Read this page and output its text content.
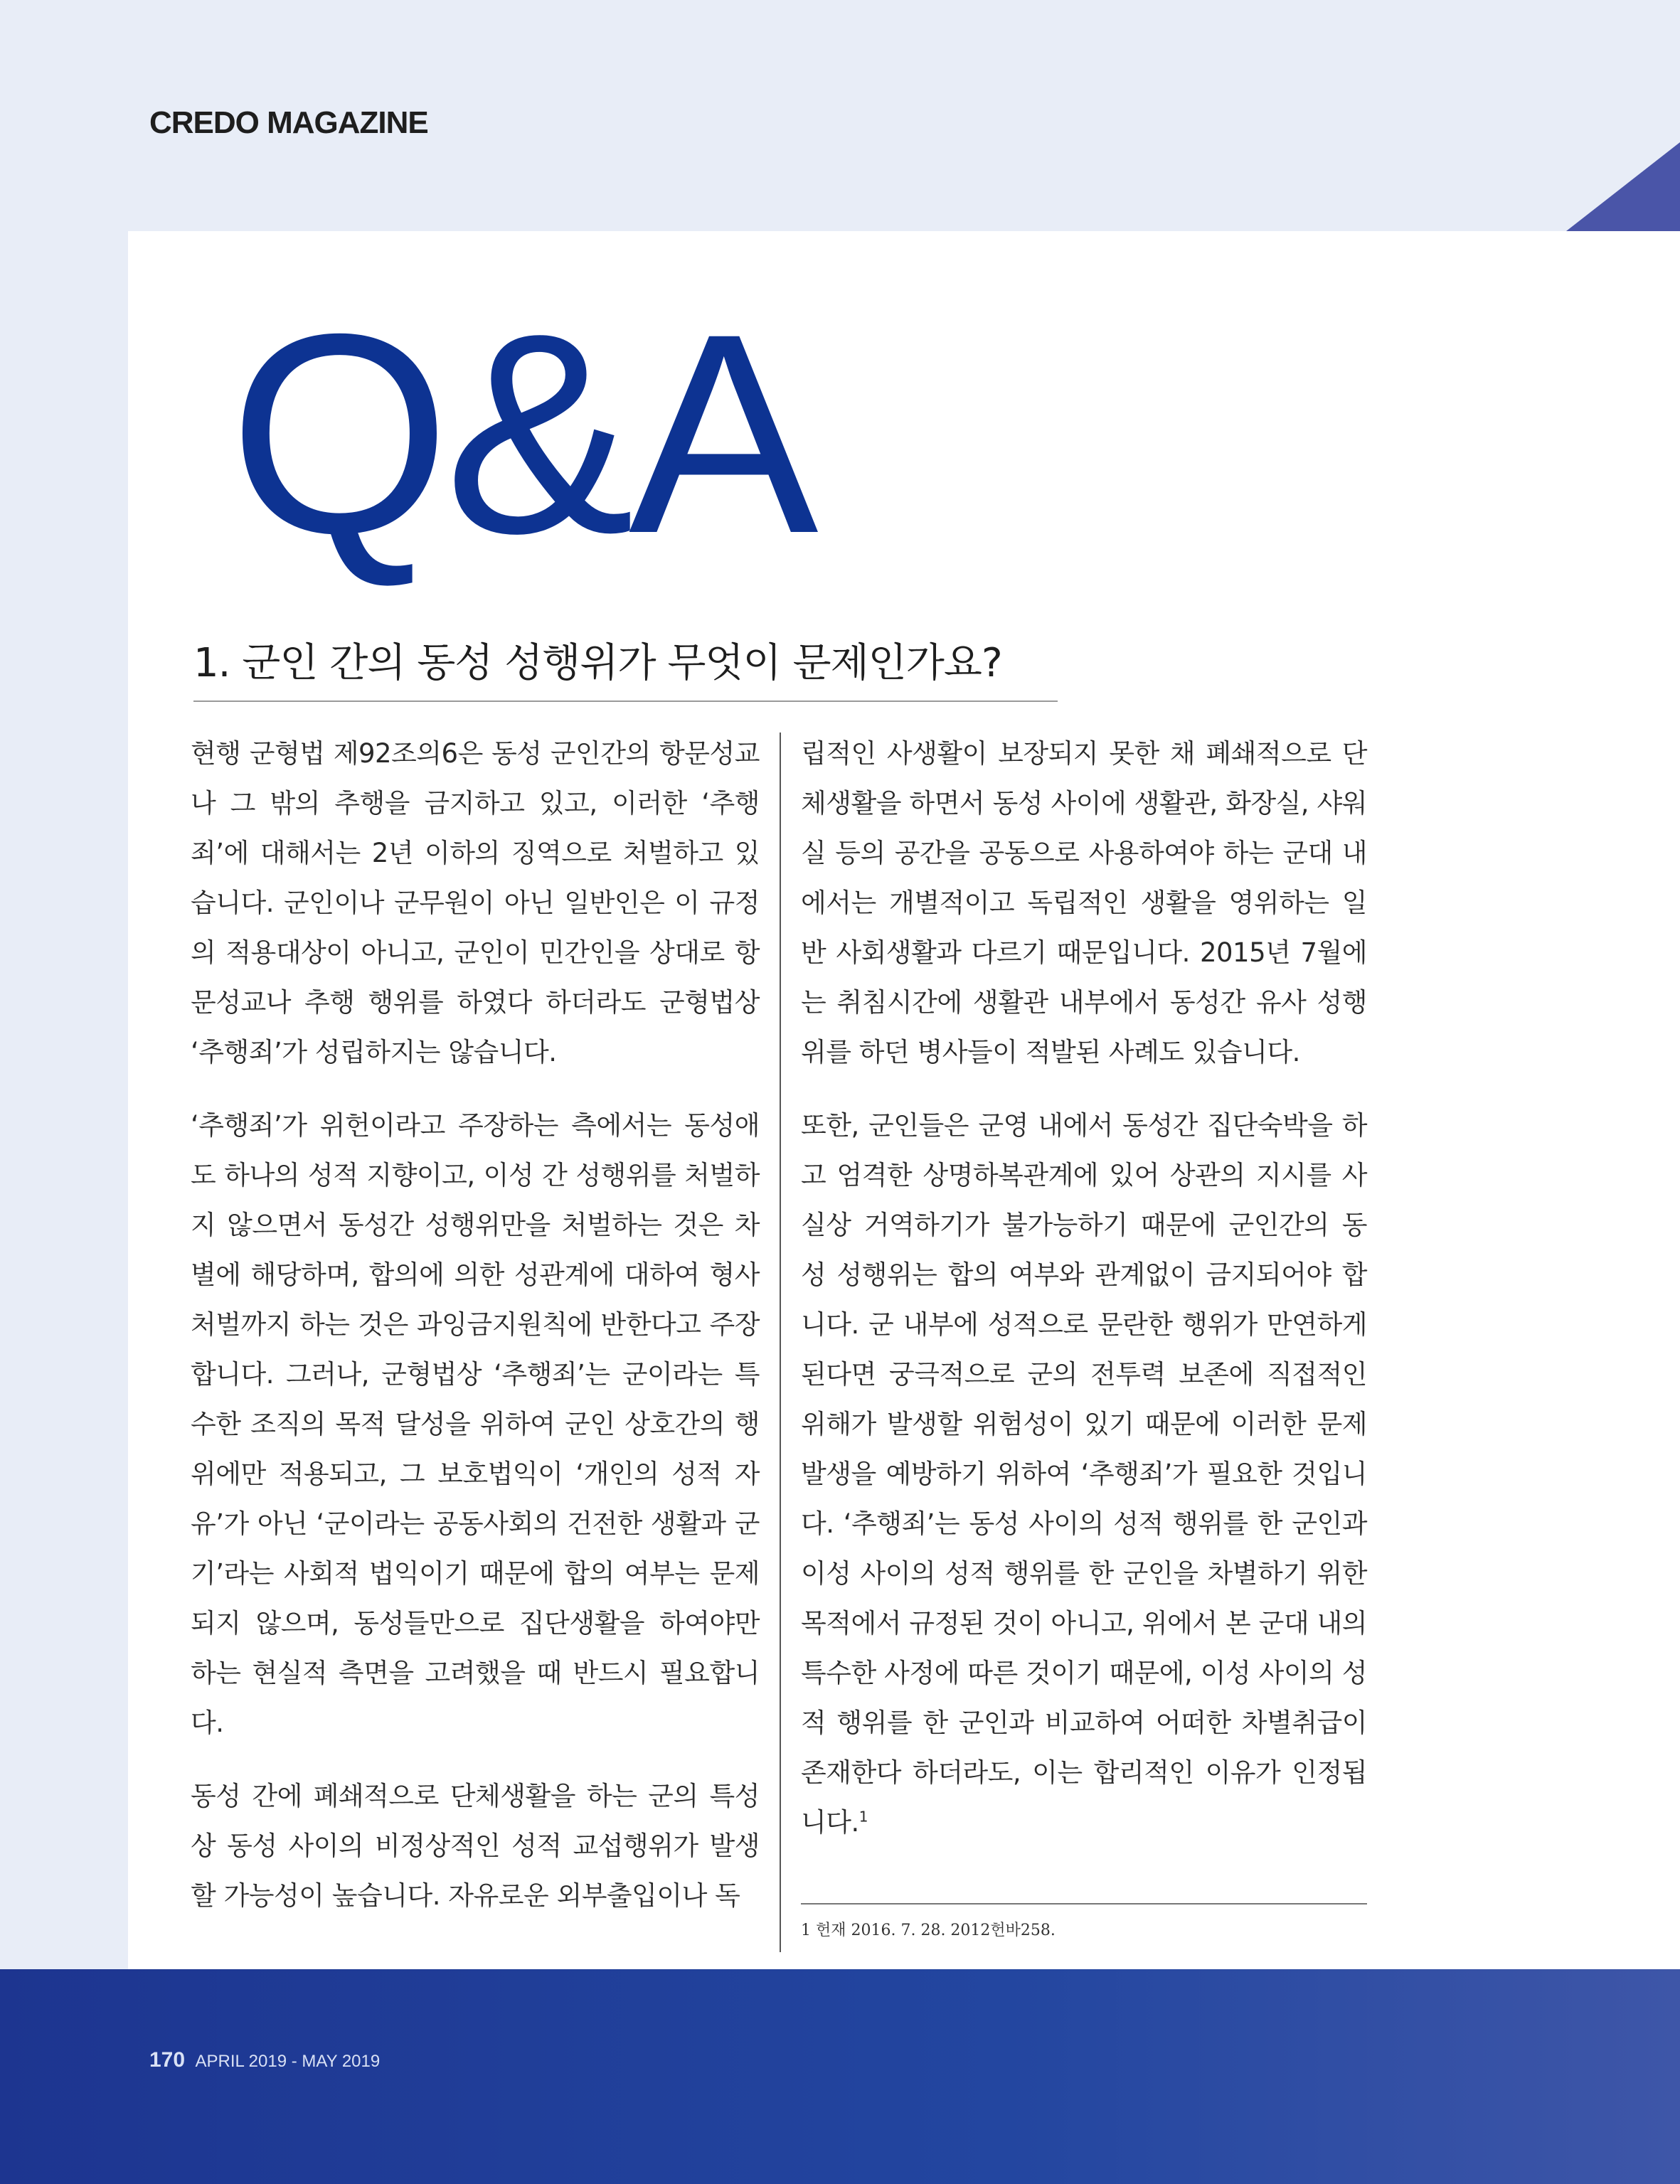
CREDO MAGAZINE
Q&A
1. 군인 간의 동성 성행위가 무엇이 문제인가요?

현행 군형법 제92조의6은 동성 군인간의 항문성교나 그 밖의 추행을 금지하고 있고, 이러한 ‘추행죄’에 대해서는 2년 이하의 징역으로 처벌하고 있습니다. 군인이나 군무원이 아닌 일반인은 이 규정의 적용대상이 아니고, 군인이 민간인을 상대로 항문성교나 추행 행위를 하였다 하더라도 군형법상 ‘추행죄’가 성립하지는 않습니다.

‘추행죄’가 위헌이라고 주장하는 측에서는 동성애도 하나의 성적 지향이고, 이성 간 성행위를 처벌하지 않으면서 동성간 성행위만을 처벌하는 것은 차별에 해당하며, 합의에 의한 성관계에 대하여 형사처벌까지 하는 것은 과잉금지원칙에 반한다고 주장합니다. 그러나, 군형법상 ‘추행죄’는 군이라는 특수한 조직의 목적 달성을 위하여 군인 상호간의 행위에만 적용되고, 그 보호법익이 ‘개인의 성적 자유’가 아닌 ‘군이라는 공동사회의 건전한 생활과 군기’라는 사회적 법익이기 때문에 합의 여부는 문제되지 않으며, 동성들만으로 집단생활을 하여야만 하는 현실적 측면을 고려했을 때 반드시 필요합니다.

동성 간에 폐쇄적으로 단체생활을 하는 군의 특성상 동성 사이의 비정상적인 성적 교섭행위가 발생할 가능성이 높습니다. 자유로운 외부출입이나 독

립적인 사생활이 보장되지 못한 채 폐쇄적으로 단체생활을 하면서 동성 사이에 생활관, 화장실, 샤워실 등의 공간을 공동으로 사용하여야 하는 군대 내에서는 개별적이고 독립적인 생활을 영위하는 일반 사회생활과 다르기 때문입니다. 2015년 7월에는 취침시간에 생활관 내부에서 동성간 유사 성행위를 하던 병사들이 적발된 사례도 있습니다.

또한, 군인들은 군영 내에서 동성간 집단숙박을 하고 엄격한 상명하복관계에 있어 상관의 지시를 사실상 거역하기가 불가능하기 때문에 군인간의 동성 성행위는 합의 여부와 관계없이 금지되어야 합니다. 군 내부에 성적으로 문란한 행위가 만연하게 된다면 궁극적으로 군의 전투력 보존에 직접적인 위해가 발생할 위험성이 있기 때문에 이러한 문제 발생을 예방하기 위하여 ‘추행죄’가 필요한 것입니다. ‘추행죄’는 동성 사이의 성적 행위를 한 군인과 이성 사이의 성적 행위를 한 군인을 차별하기 위한 목적에서 규정된 것이 아니고, 위에서 본 군대 내의 특수한 사정에 따른 것이기 때문에, 이성 사이의 성적 행위를 한 군인과 비교하여 어떠한 차별취급이 존재한다 하더라도, 이는 합리적인 이유가 인정됩니다.$^1$

1 헌재 2016. 7. 28. 2012헌바258.
170 APRIL 2019 - MAY 2019
